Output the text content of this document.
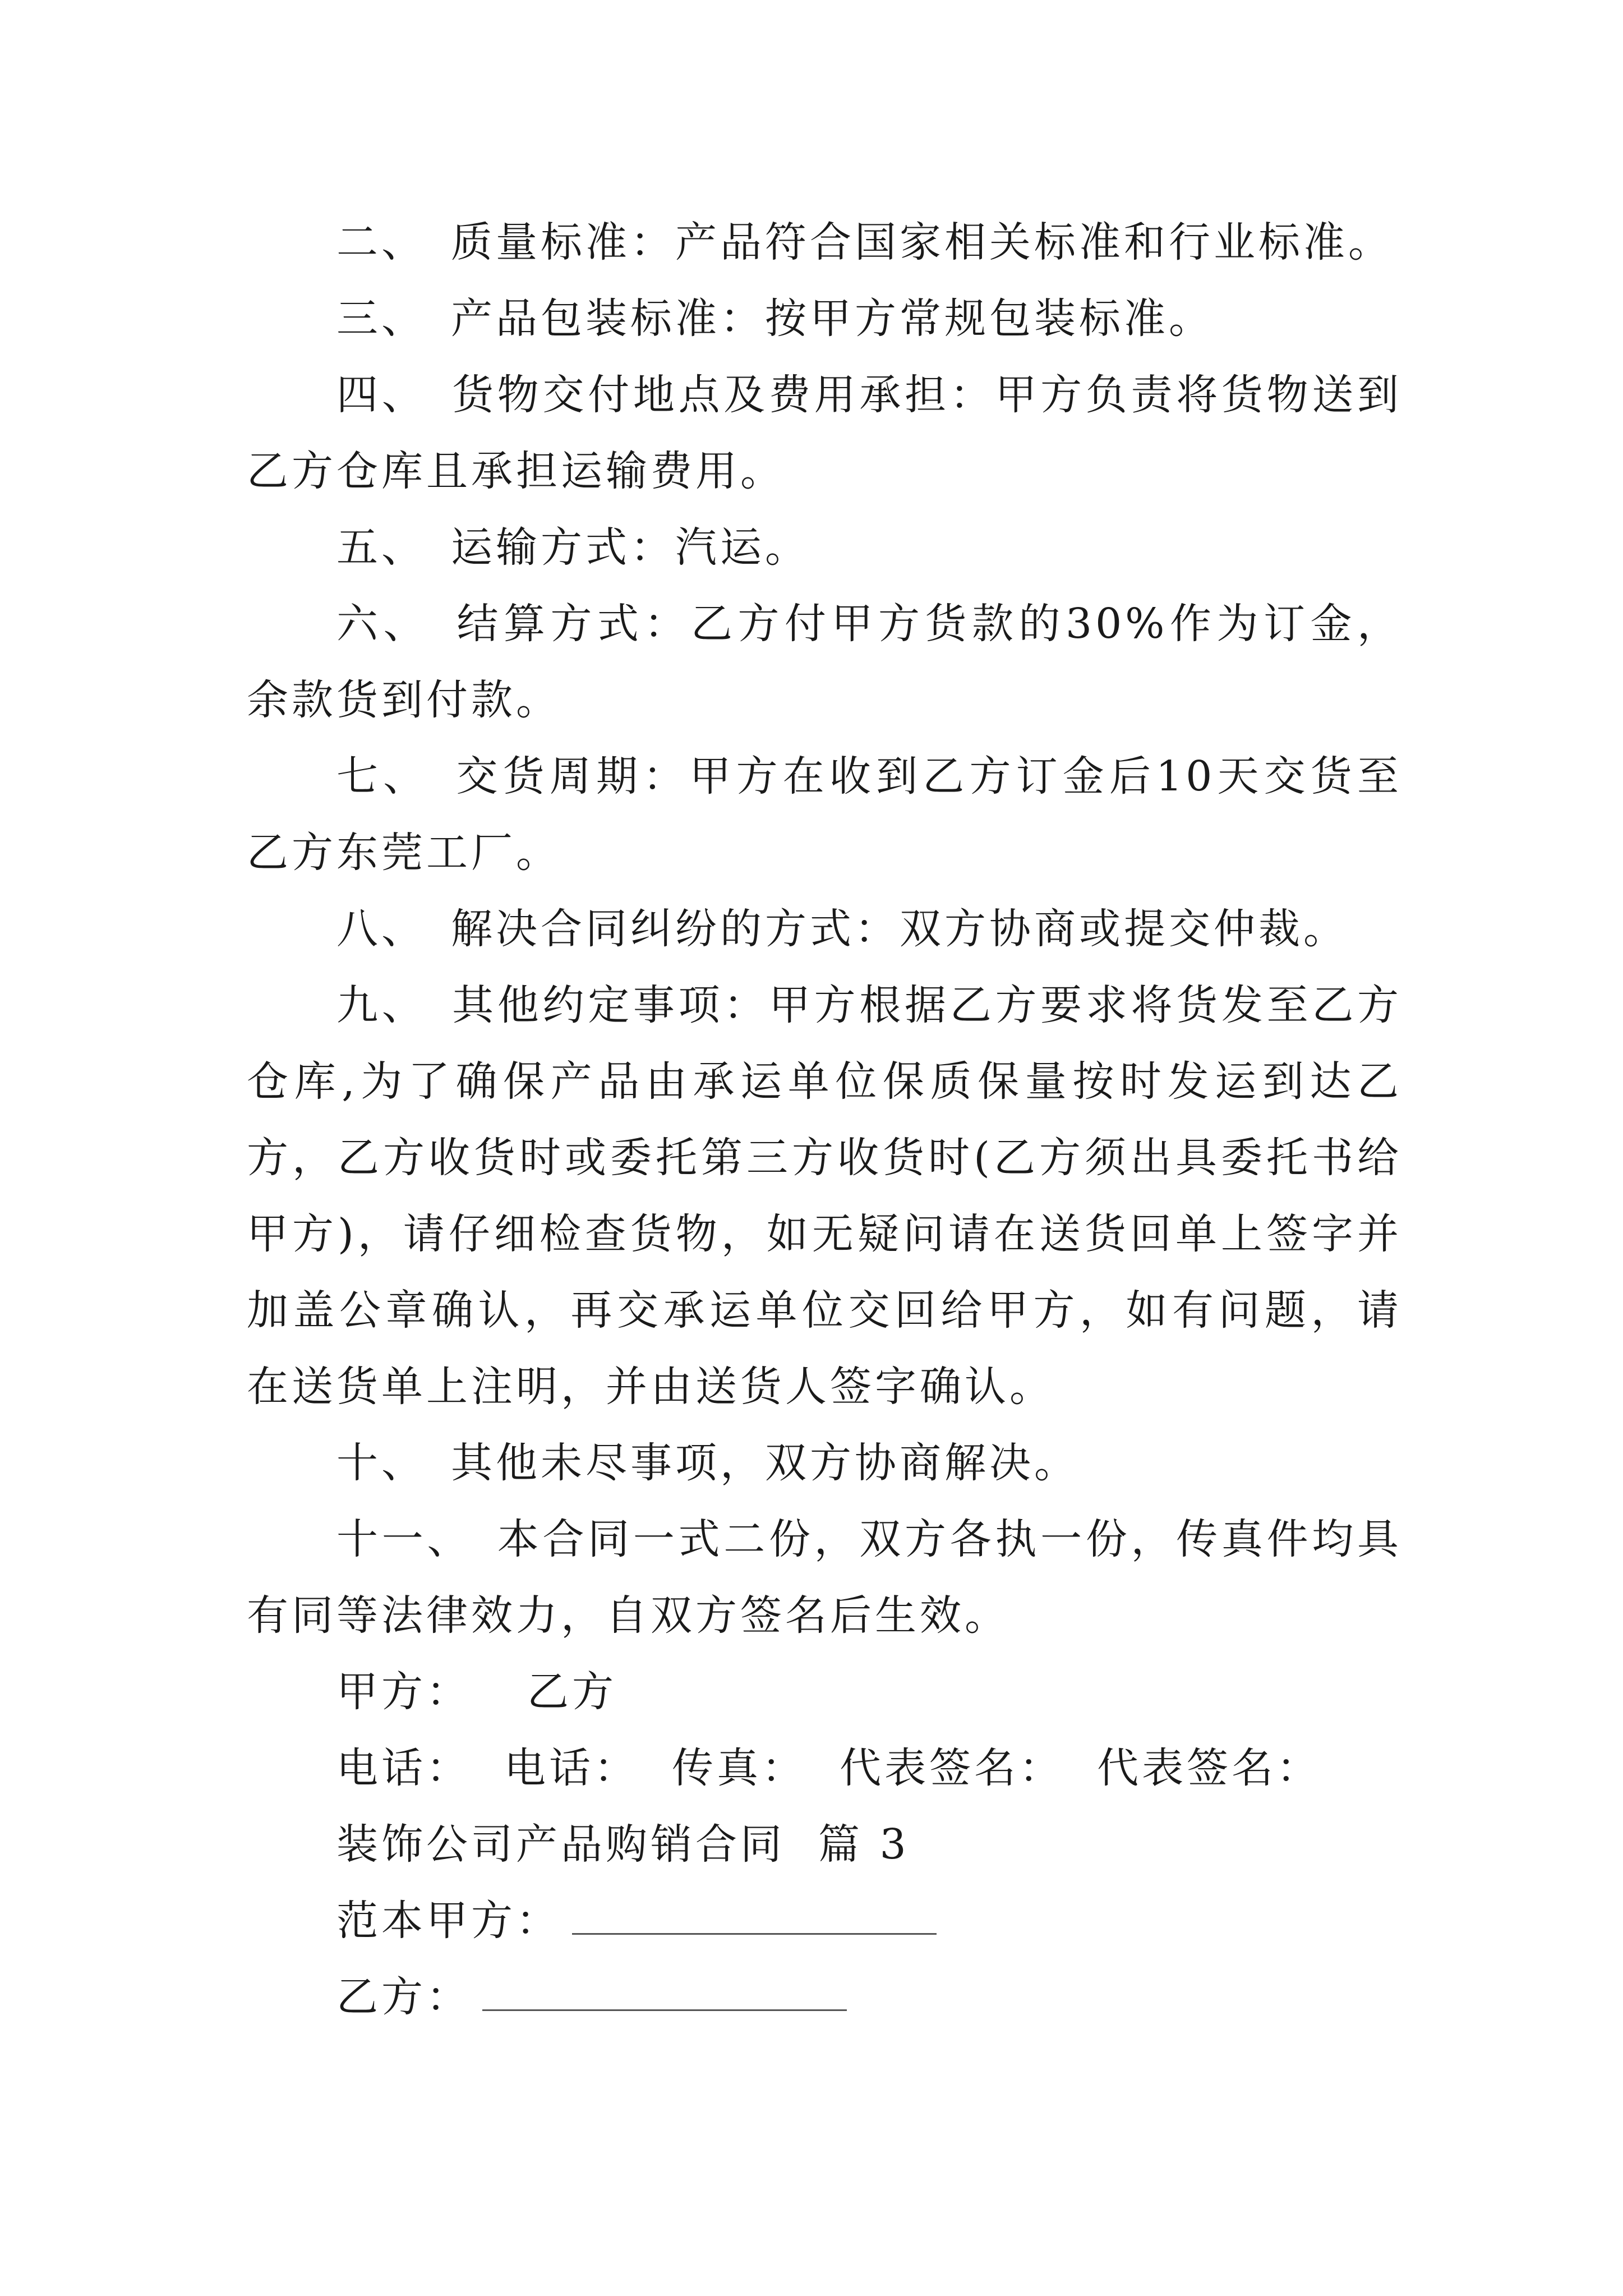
二、 质量标准：产品符合国家相关标准和行业标准。

三、 产品包装标准：按甲方常规包装标准。

四、 货物交付地点及费用承担：甲方负责将货物送到乙方仓库且承担运输费用。

五、 运输方式：汽运。

六、 结算方式：乙方付甲方货款的30%作为订金，余款货到付款。

七、 交货周期：甲方在收到乙方订金后10天交货至乙方东莞工厂。

八、 解决合同纠纷的方式：双方协商或提交仲裁。

九、 其他约定事项：甲方根据乙方要求将货发至乙方仓库,为了确保产品由承运单位保质保量按时发运到达乙方，乙方收货时或委托第三方收货时(乙方须出具委托书给甲方)，请仔细检查货物，如无疑问请在送货回单上签字并加盖公章确认，再交承运单位交回给甲方，如有问题，请在送货单上注明，并由送货人签字确认。

十、 其他未尽事项，双方协商解决。

十一、 本合同一式二份，双方各执一份，传真件均具有同等法律效力，自双方签名后生效。

甲方： 乙方
电话：  电话：  传真：  代表签名：  代表签名：
装饰公司产品购销合同  篇 3
范本甲方：
乙方：
